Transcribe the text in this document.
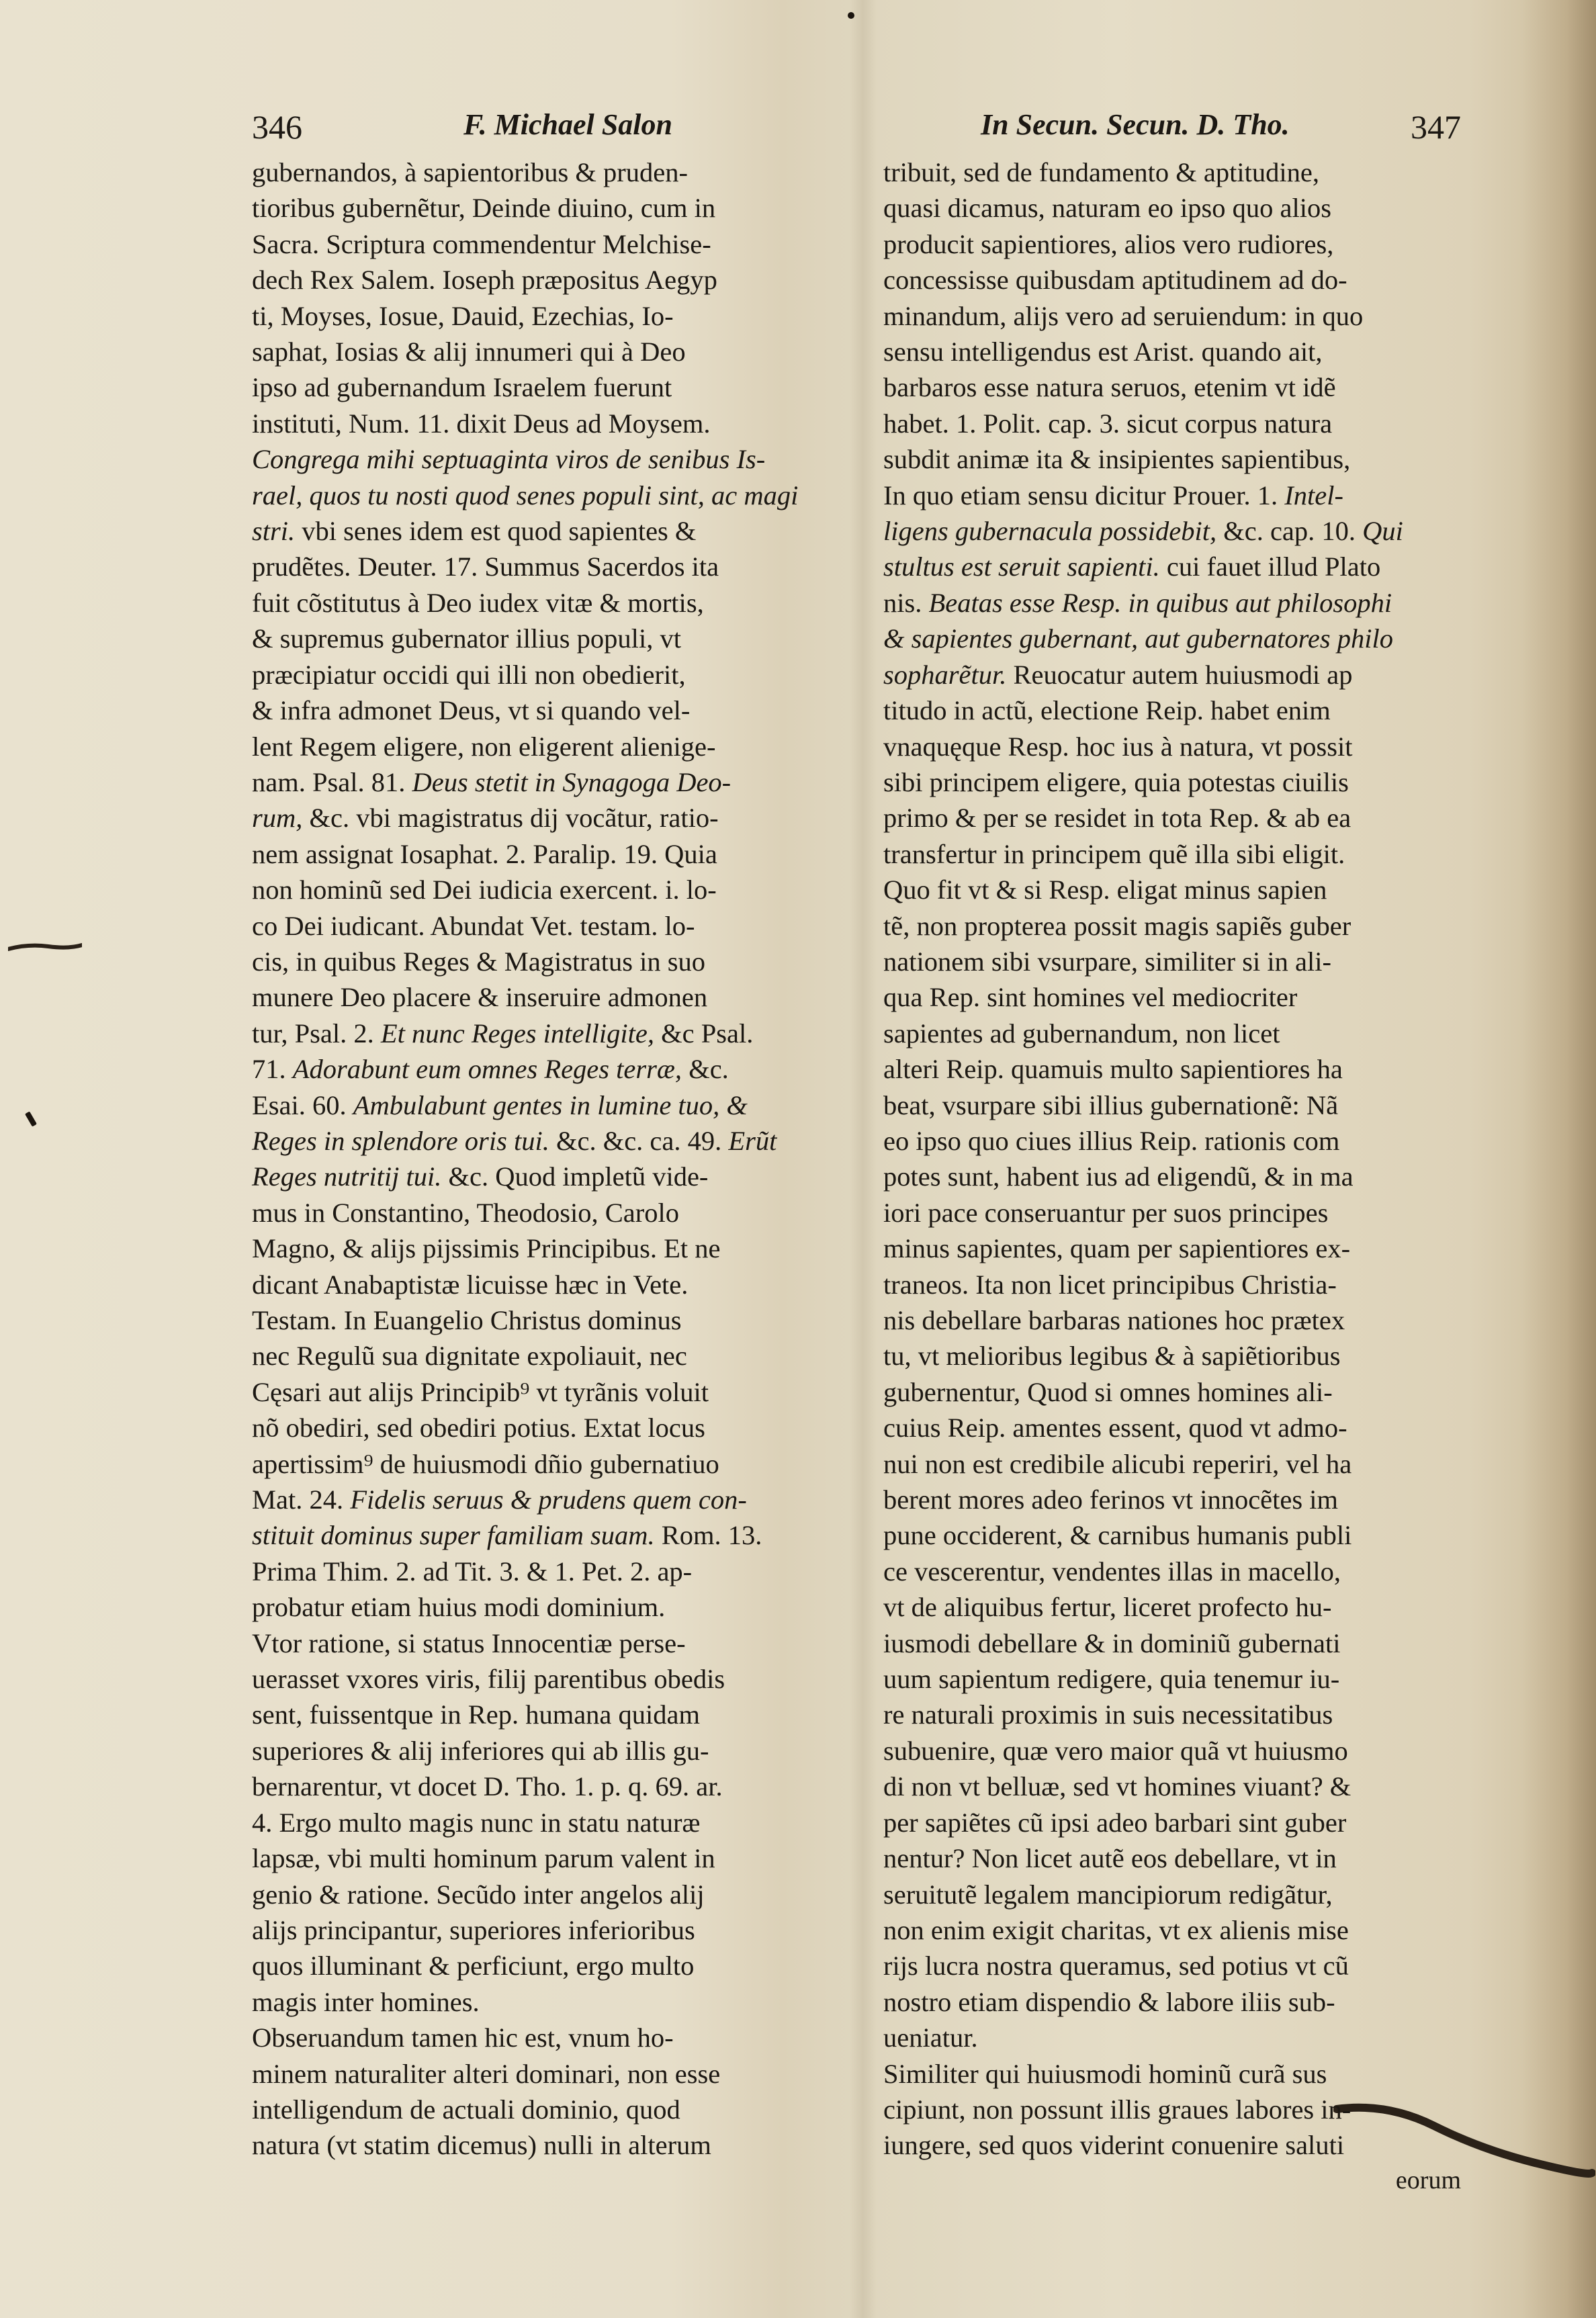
346	F. Michael Salon

gubernandos, à sapientoribus & pruden-

tioribus gubernẽtur, Deinde diuino, cum in

Sacra. Scriptura commendentur Melchise-

dech Rex Salem. Ioseph præpositus Aegyp

ti, Moyses, Iosue, Dauid, Ezechias, Io-

saphat, Iosias & alij innumeri qui à Deo

ipso ad gubernandum Israelem fuerunt

instituti, Num. 11. dixit Deus ad Moysem.

Congrega mihi septuaginta viros de senibus Is-

rael, quos tu nosti quod senes populi sint, ac magi

stri. vbi senes idem est quod sapientes &

prudẽtes. Deuter. 17. Summus Sacerdos ita

fuit cõstitutus à Deo iudex vitæ & mortis,

& supremus gubernator illius populi, vt

præcipiatur occidi qui illi non obedierit,

& infra admonet Deus, vt si quando vel-

lent Regem eligere, non eligerent alienige-

nam. Psal. 81. Deus stetit in Synagoga Deo-

rum, &c. vbi magistratus dij vocãtur, ratio-

nem assignat Iosaphat. 2. Paralip. 19. Quia

non hominũ sed Dei iudicia exercent. i. lo-

co Dei iudicant. Abundat Vet. testam. lo-

cis, in quibus Reges & Magistratus in suo

munere Deo placere & inseruire admonen

tur, Psal. 2. Et nunc Reges intelligite, &c Psal.

71. Adorabunt eum omnes Reges terræ, &c.

Esai. 60. Ambulabunt gentes in lumine tuo, &

Reges in splendore oris tui. &c. &c. ca. 49. Erũt

Reges nutritij tui. &c. Quod impletũ vide-

mus in Constantino, Theodosio, Carolo

Magno, & alijs pijssimis Principibus. Et ne

dicant Anabaptistæ licuisse hæc in Vete.

Testam. In Euangelio Christus dominus

nec Regulũ sua dignitate expoliauit, nec

Cęsari aut alijs Principib⁹ vt tyrãnis voluit

nõ obediri, sed obediri potius. Extat locus

apertissim⁹ de huiusmodi dñio gubernatiuo

Mat. 24. Fidelis seruus & prudens quem con-

stituit dominus super familiam suam. Rom. 13.

Prima Thim. 2. ad Tit. 3. & 1. Pet. 2. ap-

probatur etiam huius modi dominium.

Vtor ratione, si status Innocentiæ perse-

uerasset vxores viris, filij parentibus obedis

sent, fuissentque in Rep. humana quidam

superiores & alij inferiores qui ab illis gu-

bernarentur, vt docet D. Tho. 1. p. q. 69. ar.

4. Ergo multo magis nunc in statu naturæ

lapsæ, vbi multi hominum parum valent in

genio & ratione. Secũdo inter angelos alij

alijs principantur, superiores inferioribus

quos illuminant & perficiunt, ergo multo

magis inter homines.

Obseruandum tamen hic est, vnum ho-

minem naturaliter alteri dominari, non esse

intelligendum de actuali dominio, quod

natura (vt statim dicemus) nulli in alterum

In Secun. Secun. D. Tho.	347

tribuit, sed de fundamento & aptitudine,

quasi dicamus, naturam eo ipso quo alios

producit sapientiores, alios vero rudiores,

concessisse quibusdam aptitudinem ad do-

minandum, alijs vero ad seruiendum: in quo

sensu intelligendus est Arist. quando ait,

barbaros esse natura seruos, etenim vt idẽ

habet. 1. Polit. cap. 3. sicut corpus natura

subdit animæ ita & insipientes sapientibus,

In quo etiam sensu dicitur Prouer. 1. Intel-

ligens gubernacula possidebit, &c. cap. 10. Qui

stultus est seruit sapienti. cui fauet illud Plato

nis. Beatas esse Resp. in quibus aut philosophi

& sapientes gubernant, aut gubernatores philo

sopharẽtur. Reuocatur autem huiusmodi ap

titudo in actũ, electione Reip. habet enim

vnaquęque Resp. hoc ius à natura, vt possit

sibi principem eligere, quia potestas ciuilis

primo & per se residet in tota Rep. & ab ea

transfertur in principem quẽ illa sibi eligit.

Quo fit vt & si Resp. eligat minus sapien

tẽ, non propterea possit magis sapiẽs guber

nationem sibi vsurpare, similiter si in ali-

qua Rep. sint homines vel mediocriter

sapientes ad gubernandum, non licet

alteri Reip. quamuis multo sapientiores ha

beat, vsurpare sibi illius gubernationẽ: Nã

eo ipso quo ciues illius Reip. rationis com

potes sunt, habent ius ad eligendũ, & in ma

iori pace conseruantur per suos principes

minus sapientes, quam per sapientiores ex-

traneos. Ita non licet principibus Christia-

nis debellare barbaras nationes hoc prætex

tu, vt melioribus legibus & à sapiẽtioribus

gubernentur, Quod si omnes homines ali-

cuius Reip. amentes essent, quod vt admo-

nui non est credibile alicubi reperiri, vel ha

berent mores adeo ferinos vt innocẽtes im

pune occiderent, & carnibus humanis publi

ce vescerentur, vendentes illas in macello,

vt de aliquibus fertur, liceret profecto hu-

iusmodi debellare & in dominiũ gubernati

uum sapientum redigere, quia tenemur iu-

re naturali proximis in suis necessitatibus

subuenire, quæ vero maior quã vt huiusmo

di non vt belluæ, sed vt homines viuant? &

per sapiẽtes cũ ipsi adeo barbari sint guber

nentur? Non licet autẽ eos debellare, vt in

seruitutẽ legalem mancipiorum redigãtur,

non enim exigit charitas, vt ex alienis mise

rijs lucra nostra queramus, sed potius vt cũ

nostro etiam dispendio & labore iliis sub-

ueniatur.

Similiter qui huiusmodi hominũ curã sus

cipiunt, non possunt illis graues labores in-

iungere, sed quos viderint conuenire saluti

eorum
